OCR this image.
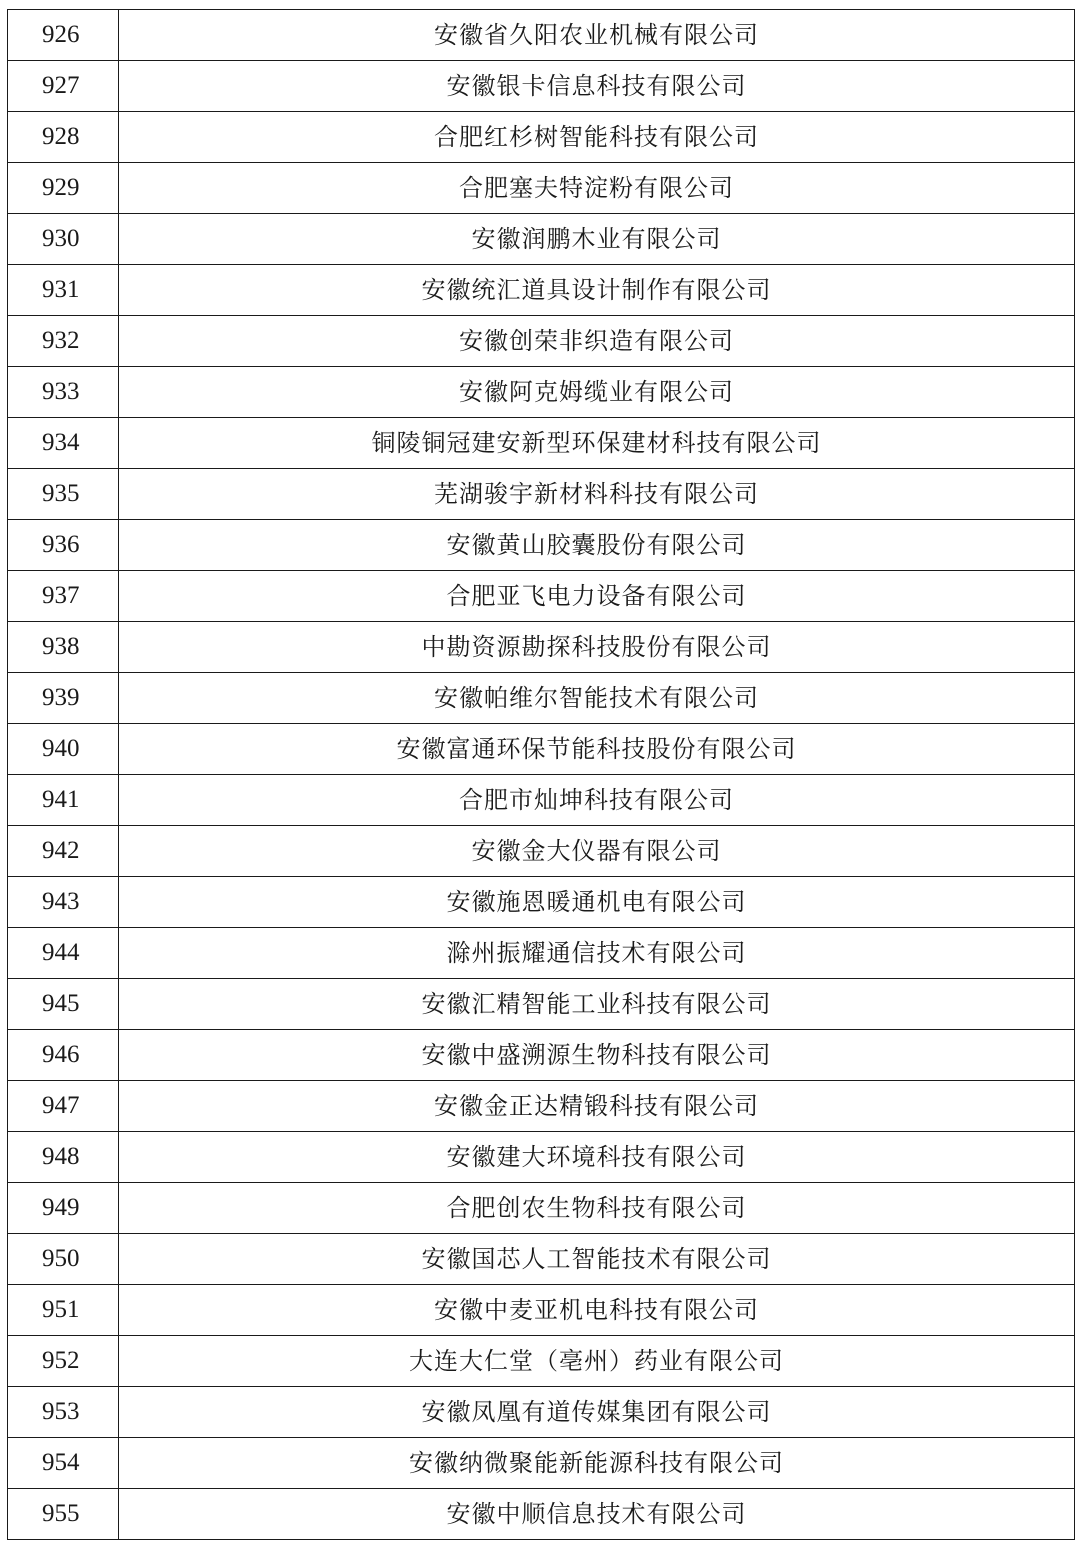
926	安徽省久阳农业机械有限公司
927	安徽银卡信息科技有限公司
928	合肥红杉树智能科技有限公司
929	合肥塞夫特淀粉有限公司
930	安徽润鹏木业有限公司
931	安徽统汇道具设计制作有限公司
932	安徽创荣非织造有限公司
933	安徽阿克姆缆业有限公司
934	铜陵铜冠建安新型环保建材科技有限公司
935	芜湖骏宇新材料科技有限公司
936	安徽黄山胶囊股份有限公司
937	合肥亚飞电力设备有限公司
938	中勘资源勘探科技股份有限公司
939	安徽帕维尔智能技术有限公司
940	安徽富通环保节能科技股份有限公司
941	合肥市灿坤科技有限公司
942	安徽金大仪器有限公司
943	安徽施恩暖通机电有限公司
944	滁州振耀通信技术有限公司
945	安徽汇精智能工业科技有限公司
946	安徽中盛溯源生物科技有限公司
947	安徽金正达精锻科技有限公司
948	安徽建大环境科技有限公司
949	合肥创农生物科技有限公司
950	安徽国芯人工智能技术有限公司
951	安徽中麦亚机电科技有限公司
952	大连大仁堂（亳州）药业有限公司
953	安徽凤凰有道传媒集团有限公司
954	安徽纳微聚能新能源科技有限公司
955	安徽中顺信息技术有限公司
